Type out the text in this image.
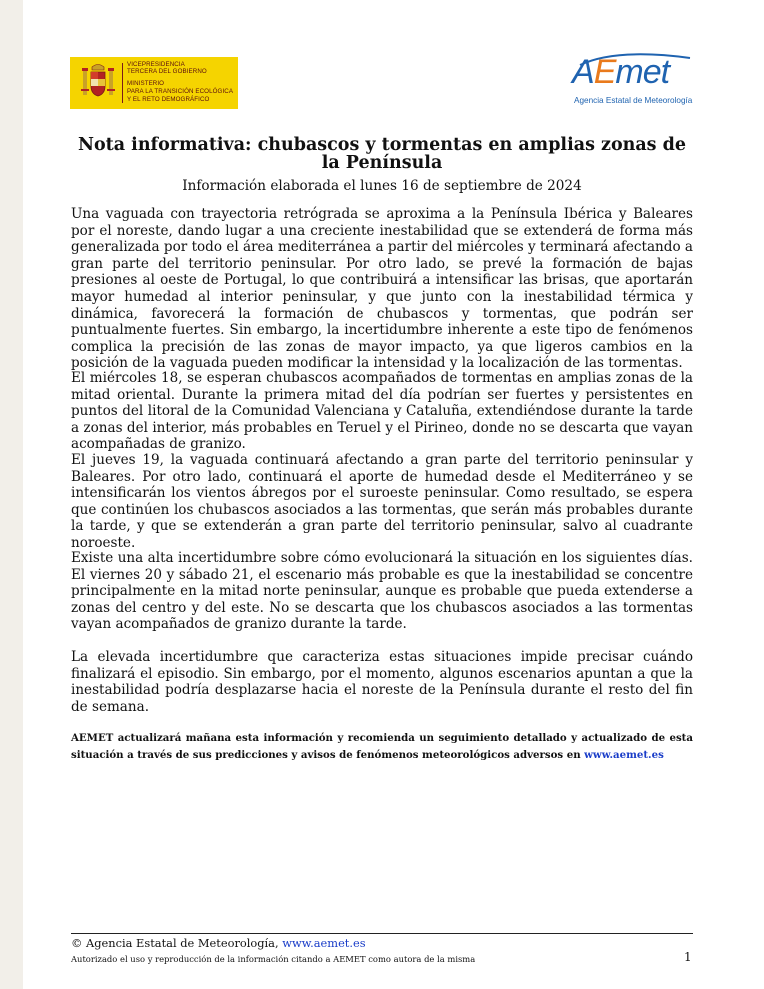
VICEPRESIDENCIA
TERCERA DEL GOBIERNO
MINISTERIO
PARA LA TRANSICIÓN ECOLÓGICA
Y EL RETO DEMOGRÁFICO
AEmet
Agencia Estatal de Meteorología
Nota informativa: chubascos y tormentas en amplias zonas de la Península
Información elaborada el lunes 16 de septiembre de 2024
Una vaguada con trayectoria retrógrada se aproxima a la Península Ibérica y Baleares por el noreste, dando lugar a una creciente inestabilidad que se extenderá de forma más generalizada por todo el área mediterránea a partir del miércoles y terminará afectando a gran parte del territorio peninsular. Por otro lado, se prevé la formación de bajas presiones al oeste de Portugal, lo que contribuirá a intensificar las brisas, que aportarán mayor humedad al interior peninsular, y que junto con la inestabilidad térmica y dinámica, favorecerá la formación de chubascos y tormentas, que podrán ser puntualmente fuertes. Sin embargo, la incertidumbre inherente a este tipo de fenómenos complica la precisión de las zonas de mayor impacto, ya que ligeros cambios en la posición de la vaguada pueden modificar la intensidad y la localización de las tormentas.
El miércoles 18, se esperan chubascos acompañados de tormentas en amplias zonas de la mitad oriental. Durante la primera mitad del día podrían ser fuertes y persistentes en puntos del litoral de la Comunidad Valenciana y Cataluña, extendiéndose durante la tarde a zonas del interior, más probables en Teruel y el Pirineo, donde no se descarta que vayan acompañadas de granizo.
El jueves 19, la vaguada continuará afectando a gran parte del territorio peninsular y Baleares. Por otro lado, continuará el aporte de humedad desde el Mediterráneo y se intensificarán los vientos ábregos por el suroeste peninsular. Como resultado, se espera que continúen los chubascos asociados a las tormentas, que serán más probables durante la tarde, y que se extenderán a gran parte del territorio peninsular, salvo al cuadrante noroeste.
Existe una alta incertidumbre sobre cómo evolucionará la situación en los siguientes días. El viernes 20 y sábado 21, el escenario más probable es que la inestabilidad se concentre principalmente en la mitad norte peninsular, aunque es probable que pueda extenderse a zonas del centro y del este. No se descarta que los chubascos asociados a las tormentas vayan acompañados de granizo durante la tarde.
La elevada incertidumbre que caracteriza estas situaciones impide precisar cuándo finalizará el episodio. Sin embargo, por el momento, algunos escenarios apuntan a que la inestabilidad podría desplazarse hacia el noreste de la Península durante el resto del fin de semana.
AEMET actualizará mañana esta información y recomienda un seguimiento detallado y actualizado de esta situación a través de sus predicciones y avisos de fenómenos meteorológicos adversos en www.aemet.es
© Agencia Estatal de Meteorología, www.aemet.es
Autorizado el uso y reproducción de la información citando a AEMET como autora de la misma	1
